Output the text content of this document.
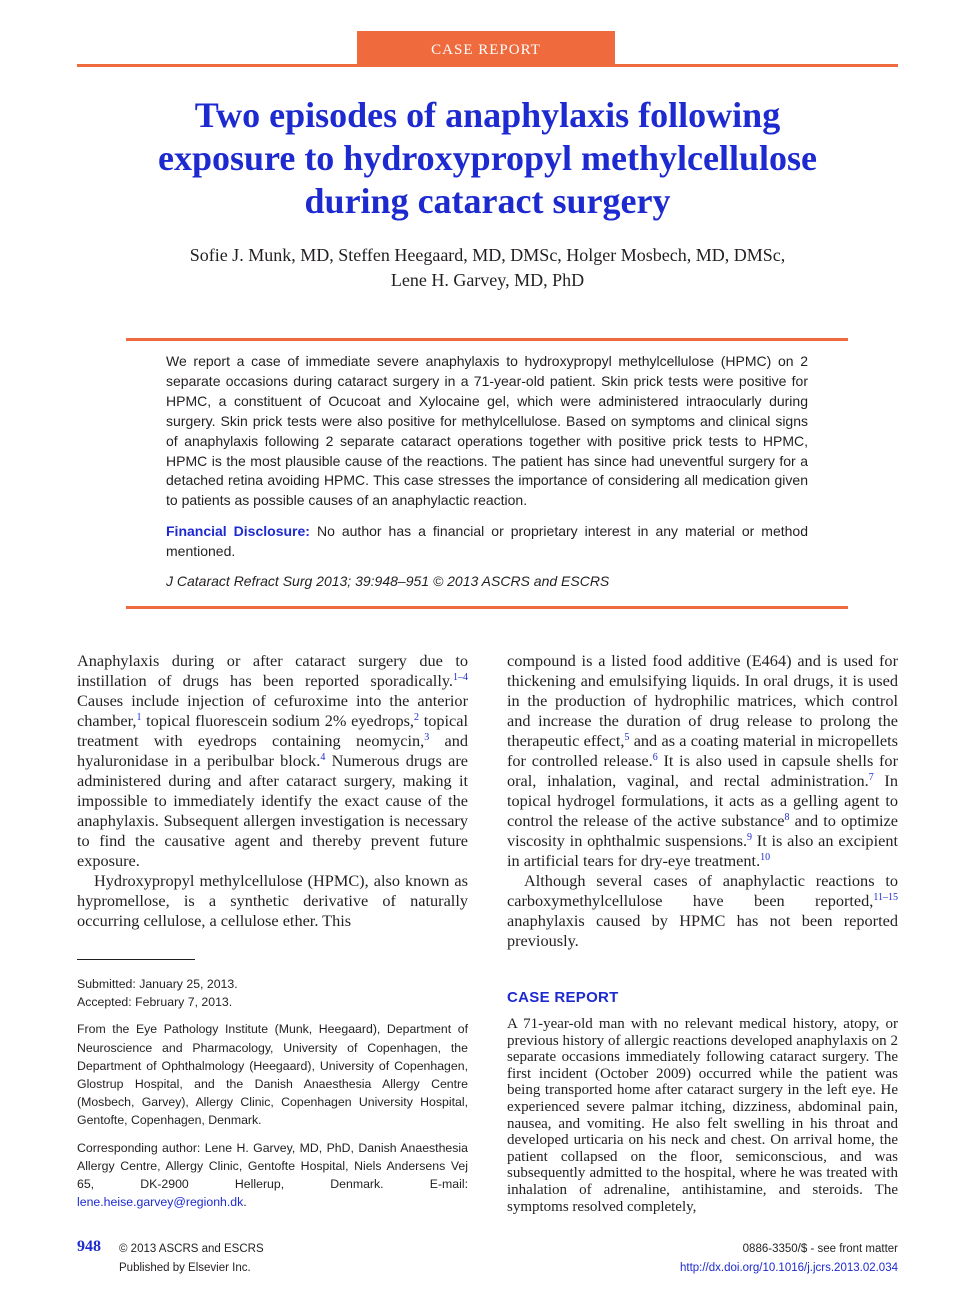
CASE REPORT
Two episodes of anaphylaxis following
exposure to hydroxypropyl methylcellulose
during cataract surgery
Sofie J. Munk, MD, Steffen Heegaard, MD, DMSc, Holger Mosbech, MD, DMSc,
Lene H. Garvey, MD, PhD
We report a case of immediate severe anaphylaxis to hydroxypropyl methylcellulose (HPMC) on 2 separate occasions during cataract surgery in a 71-year-old patient. Skin prick tests were positive for HPMC, a constituent of Ocucoat and Xylocaine gel, which were administered intraocularly during surgery. Skin prick tests were also positive for methylcellulose. Based on symptoms and clinical signs of anaphylaxis following 2 separate cataract operations together with positive prick tests to HPMC, HPMC is the most plausible cause of the reactions. The patient has since had uneventful surgery for a detached retina avoiding HPMC. This case stresses the importance of considering all medication given to patients as possible causes of an anaphylactic reaction.
Financial Disclosure: No author has a financial or proprietary interest in any material or method mentioned.
J Cataract Refract Surg 2013; 39:948–951 © 2013 ASCRS and ESCRS

Anaphylaxis during or after cataract surgery due to instillation of drugs has been reported sporadically.$^{1-4}$ Causes include injection of cefuroxime into the anterior chamber,$^1$ topical fluorescein sodium 2% eyedrops,$^2$ topical treatment with eyedrops containing neomycin,$^3$ and hyaluronidase in a peribulbar block.$^4$ Numerous drugs are administered during and after cataract surgery, making it impossible to immediately identify the exact cause of the anaphylaxis. Subsequent allergen investigation is necessary to find the causative agent and thereby prevent future exposure.

Hydroxypropyl methylcellulose (HPMC), also known as hypromellose, is a synthetic derivative of naturally occurring cellulose, a cellulose ether. This

Submitted: January 25, 2013.

Accepted: February 7, 2013.

From the Eye Pathology Institute (Munk, Heegaard), Department of Neuroscience and Pharmacology, University of Copenhagen, the Department of Ophthalmology (Heegaard), University of Copenhagen, Glostrup Hospital, and the Danish Anaesthesia Allergy Centre (Mosbech, Garvey), Allergy Clinic, Copenhagen University Hospital, Gentofte, Copenhagen, Denmark.

Corresponding author: Lene H. Garvey, MD, PhD, Danish Anaesthesia Allergy Centre, Allergy Clinic, Gentofte Hospital, Niels Andersens Vej 65, DK-2900 Hellerup, Denmark. E-mail: lene.heise.garvey@regionh.dk.

compound is a listed food additive (E464) and is used for thickening and emulsifying liquids. In oral drugs, it is used in the production of hydrophilic matrices, which control and increase the duration of drug release to prolong the therapeutic effect,$^5$ and as a coating material in micropellets for controlled release.$^6$ It is also used in capsule shells for oral, inhalation, vaginal, and rectal administration.$^7$ In topical hydrogel formulations, it acts as a gelling agent to control the release of the active substance$^8$ and to optimize viscosity in ophthalmic suspensions.$^9$ It is also an excipient in artificial tears for dry-eye treatment.$^{10}$

Although several cases of anaphylactic reactions to carboxymethylcellulose have been reported,$^{11-15}$ anaphylaxis caused by HPMC has not been reported previously.

CASE REPORT
A 71-year-old man with no relevant medical history, atopy, or previous history of allergic reactions developed anaphylaxis on 2 separate occasions immediately following cataract surgery. The first incident (October 2009) occurred while the patient was being transported home after cataract surgery in the left eye. He experienced severe palmar itching, dizziness, abdominal pain, nausea, and vomiting. He also felt swelling in his throat and developed urticaria on his neck and chest. On arrival home, the patient collapsed on the floor, semiconscious, and was subsequently admitted to the hospital, where he was treated with inhalation of adrenaline, antihistamine, and steroids. The symptoms resolved completely,
948 © 2013 ASCRS and ESCRS
Published by Elsevier Inc.
0886-3350/$ - see front matter
http://dx.doi.org/10.1016/j.jcrs.2013.02.034
